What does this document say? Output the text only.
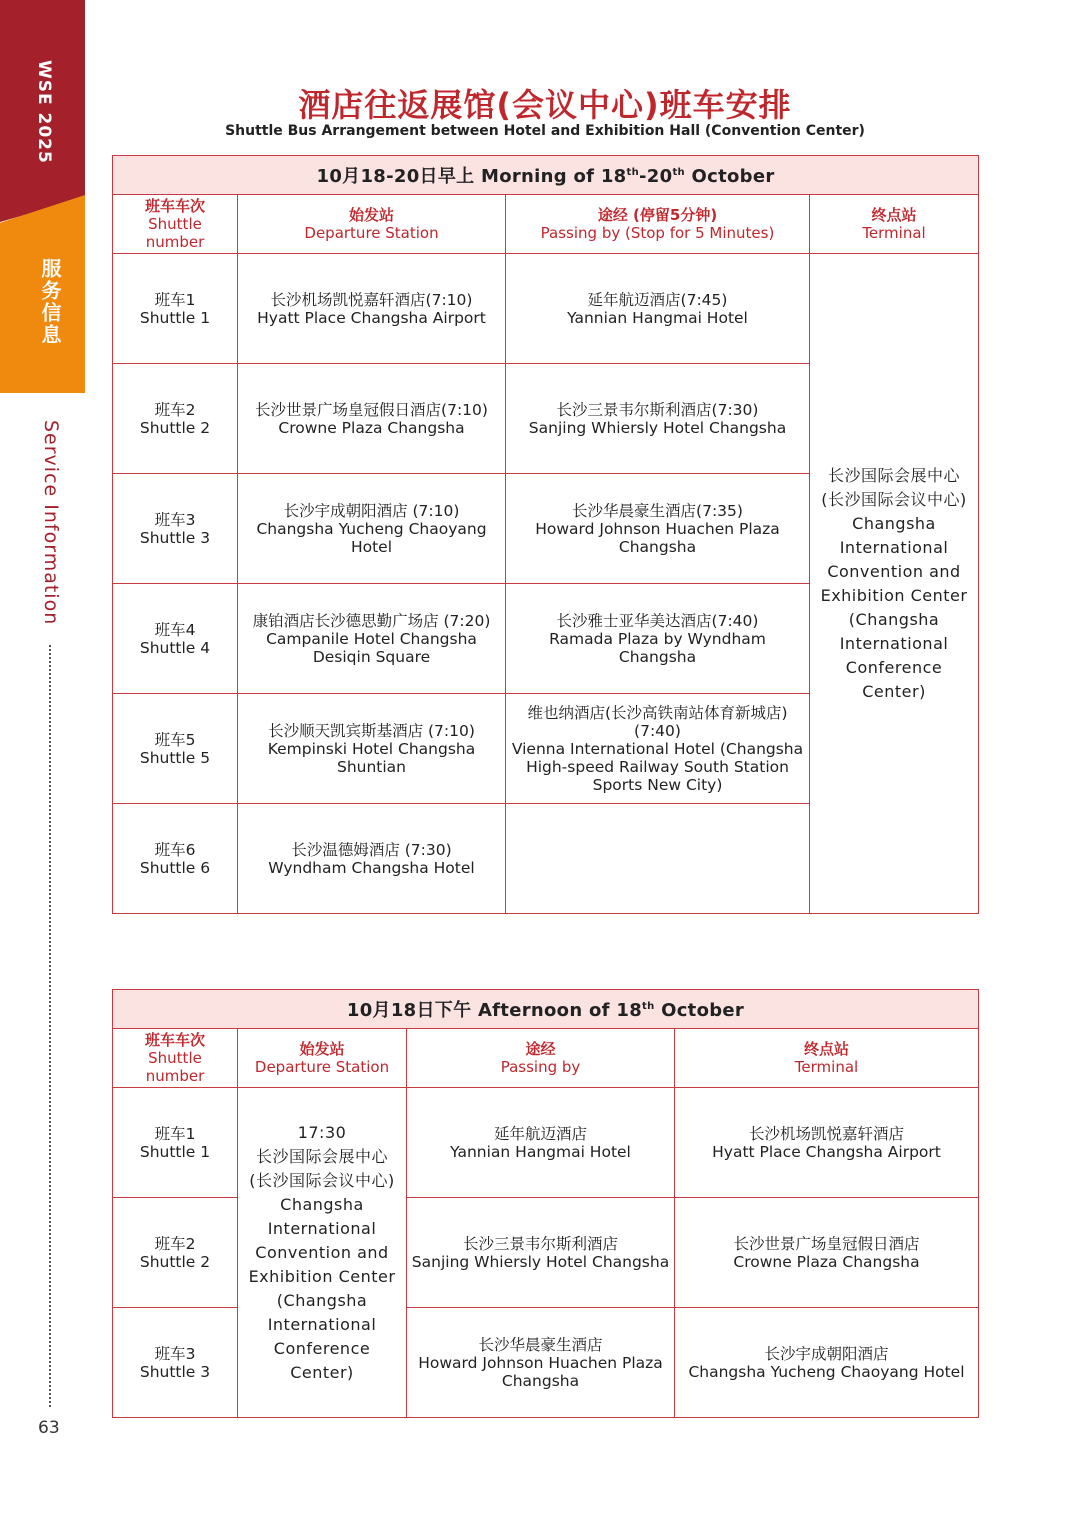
WSE 2025
服务信息
Service Information
63
酒店往返展馆(会议中心)班车安排
Shuttle Bus Arrangement between Hotel and Exhibition Hall (Convention Center)
10月18-20日早上 Morning of 18th-20th October			

班车车次
Shuttle number	始发站
Departure Station	途经 (停留5分钟)
Passing by (Stop for 5 Minutes)	终点站
Terminal

班车1
Shuttle 1	长沙机场凯悦嘉轩酒店(7:10)
Hyatt Place Changsha Airport	延年航迈酒店(7:45)
Yannian Hangmai Hotel	长沙国际会展中心 (长沙国际会议中心)
Changsha International Convention and Exhibition Center (Changsha International Conference Center)

班车2
Shuttle 2	长沙世景广场皇冠假日酒店(7:10)
Crowne Plaza Changsha	长沙三景韦尔斯利酒店(7:30)
Sanjing Whiersly Hotel Changsha	

班车3
Shuttle 3	长沙宇成朝阳酒店 (7:10)
Changsha Yucheng Chaoyang Hotel	长沙华晨豪生酒店(7:35)
Howard Johnson Huachen Plaza Changsha	

班车4
Shuttle 4	康铂酒店长沙德思勤广场店 (7:20)
Campanile Hotel Changsha Desiqin Square	长沙雅士亚华美达酒店(7:40)
Ramada Plaza by Wyndham Changsha	

班车5
Shuttle 5	长沙顺天凯宾斯基酒店 (7:10)
Kempinski Hotel Changsha Shuntian	维也纳酒店(长沙高铁南站体育新城店) (7:40)
Vienna International Hotel (Changsha High-speed Railway South Station Sports New City)	

班车6
Shuttle 6	长沙温德姆酒店 (7:30)
Wyndham Changsha Hotel		

10月18日下午 Afternoon of 18th October			

班车车次
Shuttle number	始发站
Departure Station	途经
Passing by	终点站
Terminal

班车1
Shuttle 1	17:30
长沙国际会展中心 (长沙国际会议中心)
Changsha International Convention and Exhibition Center (Changsha International Conference Center)	延年航迈酒店
Yannian Hangmai Hotel	长沙机场凯悦嘉轩酒店
Hyatt Place Changsha Airport

班车2
Shuttle 2		长沙三景韦尔斯利酒店
Sanjing Whiersly Hotel Changsha	长沙世景广场皇冠假日酒店
Crowne Plaza Changsha

班车3
Shuttle 3		长沙华晨豪生酒店
Howard Johnson Huachen Plaza Changsha	长沙宇成朝阳酒店
Changsha Yucheng Chaoyang Hotel
